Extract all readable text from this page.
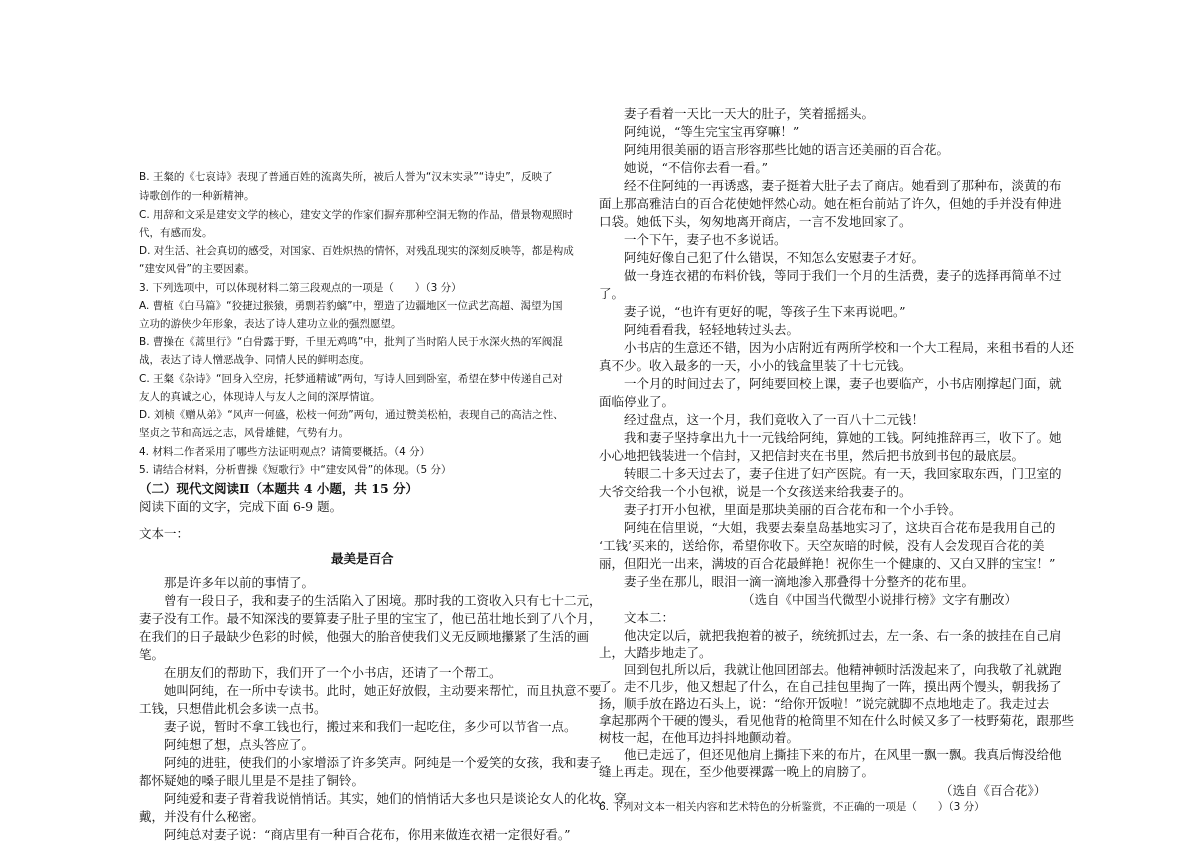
B. 王粲的《七哀诗》表现了普通百姓的流离失所，被后人誉为“汉末实录”“诗史”，反映了
诗歌创作的一种新精神。
C. 用辞和文采是建安文学的核心，建安文学的作家们摒弃那种空洞无物的作品，借景物观照时
代，有感而发。
D. 对生活、社会真切的感受，对国家、百姓炽热的情怀，对残乱现实的深刻反映等，都是构成
“建安风骨”的主要因素。
3. 下列选项中，可以体现材料二第三段观点的一项是（　　）（3 分）
A. 曹植《白马篇》“狡捷过猴猿，勇剽若豹螭”中，塑造了边疆地区一位武艺高超、渴望为国
立功的游侠少年形象，表达了诗人建功立业的强烈愿望。
B. 曹操在《蒿里行》“白骨露于野，千里无鸡鸣”中，批判了当时陷人民于水深火热的军阀混
战，表达了诗人憎恶战争、同情人民的鲜明态度。
C. 王粲《杂诗》“回身入空房，托梦通精诚”两句，写诗人回到卧室，希望在梦中传递自己对
友人的真诚之心，体现诗人与友人之间的深厚情谊。
D. 刘桢《赠从弟》“风声一何盛，松枝一何劲”两句，通过赞美松柏，表现自己的高洁之性、
坚贞之节和高远之志，风骨雄健，气势有力。
4. 材料二作者采用了哪些方法证明观点？请简要概括。（4 分）
5. 请结合材料，分析曹操《短歌行》中“建安风骨”的体现。（5 分）
（二）现代文阅读Ⅱ（本题共 4 小题，共 15 分）
阅读下面的文字，完成下面 6-9 题。
文本一：
最美是百合
　　那是许多年以前的事情了。
　　曾有一段日子，我和妻子的生活陷入了困境。那时我的工资收入只有七十二元，
妻子没有工作。最不知深浅的要算妻子肚子里的宝宝了，他已茁壮地长到了八个月，
在我们的日子最缺少色彩的时候，他强大的胎音使我们义无反顾地攥紧了生活的画
笔。
　　在朋友们的帮助下，我们开了一个小书店，还请了一个帮工。
　　她叫阿纯，在一所中专读书。此时，她正好放假，主动要来帮忙，而且执意不要
工钱，只想借此机会多读一点书。
　　妻子说，暂时不拿工钱也行，搬过来和我们一起吃住，多少可以节省一点。
　　阿纯想了想，点头答应了。
　　阿纯的进驻，使我们的小家增添了许多笑声。阿纯是一个爱笑的女孩，我和妻子
都怀疑她的嗓子眼儿里是不是挂了铜铃。
　　阿纯爱和妻子背着我说悄悄话。其实，她们的悄悄话大多也只是谈论女人的化妆、穿
戴，并没有什么秘密。
　　阿纯总对妻子说：“商店里有一种百合花布，你用来做连衣裙一定很好看。”
　　妻子看着一天比一天大的肚子，笑着摇摇头。
　　阿纯说，“等生完宝宝再穿嘛！”
　　阿纯用很美丽的语言形容那些比她的语言还美丽的百合花。
　　她说，“不信你去看一看。”
　　经不住阿纯的一再诱惑，妻子挺着大肚子去了商店。她看到了那种布，淡黄的布
面上那高雅洁白的百合花使她怦然心动。她在柜台前站了许久，但她的手并没有伸进
口袋。她低下头，匆匆地离开商店，一言不发地回家了。
　　一个下午，妻子也不多说话。
　　阿纯好像自己犯了什么错误，不知怎么安慰妻子才好。
　　做一身连衣裙的布料价钱，等同于我们一个月的生活费，妻子的选择再简单不过
了。
　　妻子说，“也许有更好的呢，等孩子生下来再说吧。”
　　阿纯看看我，轻轻地转过头去。
　　小书店的生意还不错，因为小店附近有两所学校和一个大工程局，来租书看的人还
真不少。收入最多的一天，小小的钱盒里装了十七元钱。
　　一个月的时间过去了，阿纯要回校上课，妻子也要临产，小书店刚撑起门面，就
面临停业了。
　　经过盘点，这一个月，我们竟收入了一百八十二元钱！
　　我和妻子坚持拿出九十一元钱给阿纯，算她的工钱。阿纯推辞再三，收下了。她
小心地把钱装进一个信封，又把信封夹在书里，然后把书放到书包的最底层。
　　转眼二十多天过去了，妻子住进了妇产医院。有一天，我回家取东西，门卫室的
大爷交给我一个小包袱，说是一个女孩送来给我妻子的。
　　妻子打开小包袱，里面是那块美丽的百合花布和一个小手铃。
　　阿纯在信里说，“大姐，我要去秦皇岛基地实习了，这块百合花布是我用自己的
‘工钱’买来的，送给你，希望你收下。天空灰暗的时候，没有人会发现百合花的美
丽，但阳光一出来，满坡的百合花最鲜艳！祝你生一个健康的、又白又胖的宝宝！”
　　妻子坐在那儿，眼泪一滴一滴地渗入那叠得十分整齐的花布里。
（选自《中国当代微型小说排行榜》文字有删改）
　　文本二：
　　他决定以后，就把我抱着的被子，统统抓过去，左一条、右一条的披挂在自己肩
上，大踏步地走了。
　　回到包扎所以后，我就让他回团部去。他精神顿时活泼起来了，向我敬了礼就跑
了。走不几步，他又想起了什么，在自己挂包里掏了一阵，摸出两个馒头，朝我扬了
扬，顺手放在路边石头上，说：“给你开饭啦！”说完就脚不点地地走了。我走过去
拿起那两个干硬的馒头，看见他背的枪筒里不知在什么时候又多了一枝野菊花，跟那些
树枝一起，在他耳边抖抖地颤动着。
　　他已走远了，但还见他肩上撕挂下来的布片，在风里一飘一飘。我真后悔没给他
缝上再走。现在，至少他要裸露一晚上的肩膀了。
（选自《百合花》）
6. 下列对文本一相关内容和艺术特色的分析鉴赏，不正确的一项是（　　）（3 分）
